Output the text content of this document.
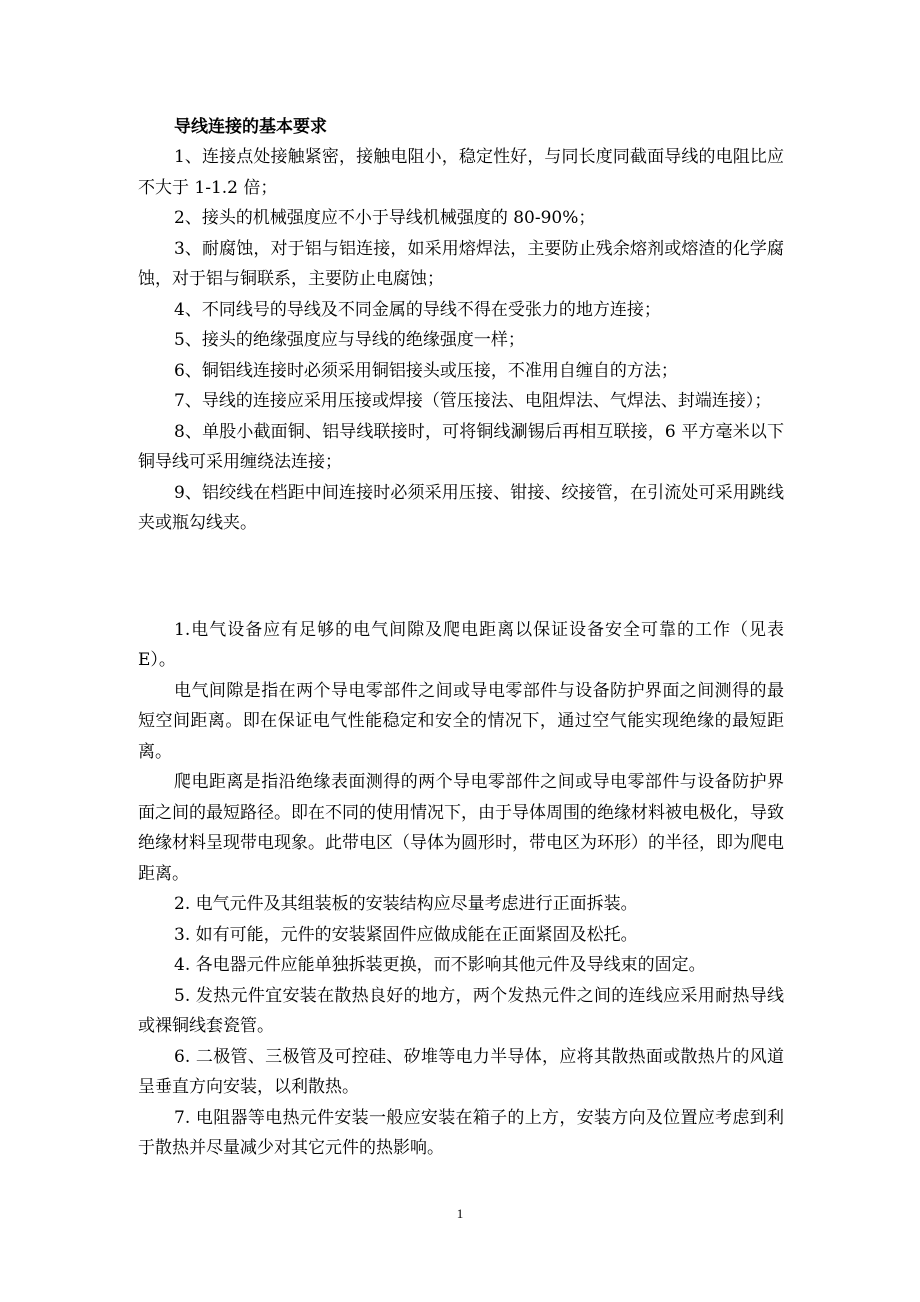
导线连接的基本要求

1、连接点处接触紧密，接触电阻小，稳定性好，与同长度同截面导线的电阻比应不大于 1-1.2 倍；

2、接头的机械强度应不小于导线机械强度的 80-90%；

3、耐腐蚀，对于铝与铝连接，如采用熔焊法，主要防止残余熔剂或熔渣的化学腐蚀，对于铝与铜联系，主要防止电腐蚀；

4、不同线号的导线及不同金属的导线不得在受张力的地方连接；

5、接头的绝缘强度应与导线的绝缘强度一样；

6、铜铝线连接时必须采用铜铝接头或压接，不准用自缠自的方法；

7、导线的连接应采用压接或焊接（管压接法、电阻焊法、气焊法、封端连接）；

8、单股小截面铜、铝导线联接时，可将铜线涮锡后再相互联接，6 平方毫米以下铜导线可采用缠绕法连接；

9、铝绞线在档距中间连接时必须采用压接、钳接、绞接管，在引流处可采用跳线夹或瓶勾线夹。

1.电气设备应有足够的电气间隙及爬电距离以保证设备安全可靠的工作（见表 E）。

电气间隙是指在两个导电零部件之间或导电零部件与设备防护界面之间测得的最短空间距离。即在保证电气性能稳定和安全的情况下，通过空气能实现绝缘的最短距离。

爬电距离是指沿绝缘表面测得的两个导电零部件之间或导电零部件与设备防护界面之间的最短路径。即在不同的使用情况下，由于导体周围的绝缘材料被电极化，导致绝缘材料呈现带电现象。此带电区（导体为圆形时，带电区为环形）的半径，即为爬电距离。

2. 电气元件及其组装板的安装结构应尽量考虑进行正面拆装。

3. 如有可能，元件的安装紧固件应做成能在正面紧固及松托。

4. 各电器元件应能单独拆装更换，而不影响其他元件及导线束的固定。

5. 发热元件宜安装在散热良好的地方，两个发热元件之间的连线应采用耐热导线或裸铜线套瓷管。

6. 二极管、三极管及可控硅、矽堆等电力半导体，应将其散热面或散热片的风道呈垂直方向安装，以利散热。

7. 电阻器等电热元件安装一般应安装在箱子的上方，安装方向及位置应考虑到利于散热并尽量减少对其它元件的热影响。

1
